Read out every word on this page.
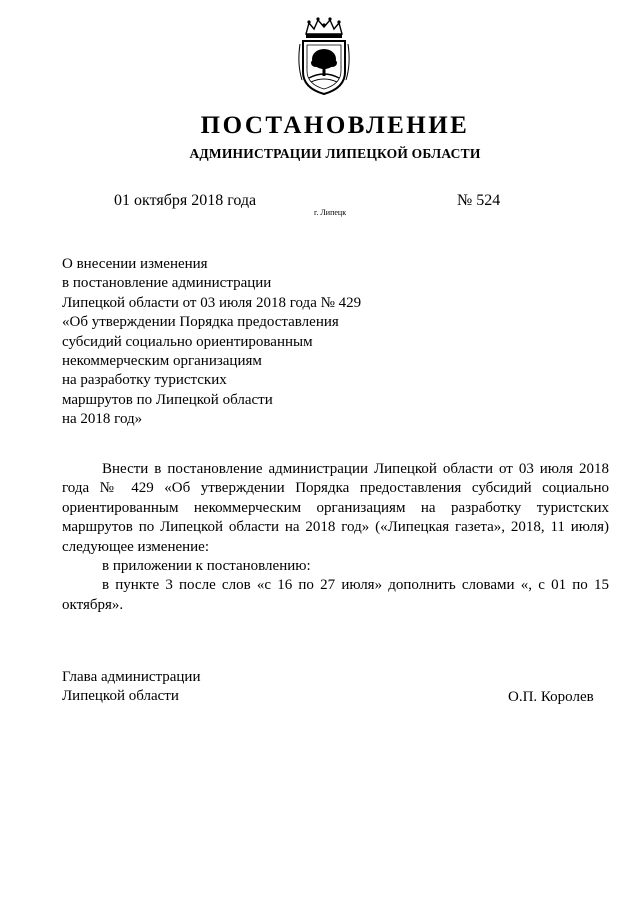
ПОСТАНОВЛЕНИЕ
АДМИНИСТРАЦИИ ЛИПЕЦКОЙ ОБЛАСТИ
01 октября 2018 года
г. Липецк
№ 524
О внесении изменения
в постановление администрации
Липецкой области от 03 июля 2018 года № 429
«Об утверждении Порядка предоставления
субсидий социально ориентированным
некоммерческим организациям
на разработку туристских
маршрутов по Липецкой области
на 2018 год»

Внести в постановление администрации Липецкой области от 03 июля 2018 года № 429 «Об утверждении Порядка предоставления субсидий социально ориентированным некоммерческим организациям на разработку туристских маршрутов по Липецкой области на 2018 год» («Липецкая газета», 2018, 11 июля) следующее изменение:

в приложении к постановлению:

в пункте 3 после слов «с 16 по 27 июля» дополнить словами «, с 01 по 15 октября».

Глава администрации
Липецкой области	О.П. Королев
